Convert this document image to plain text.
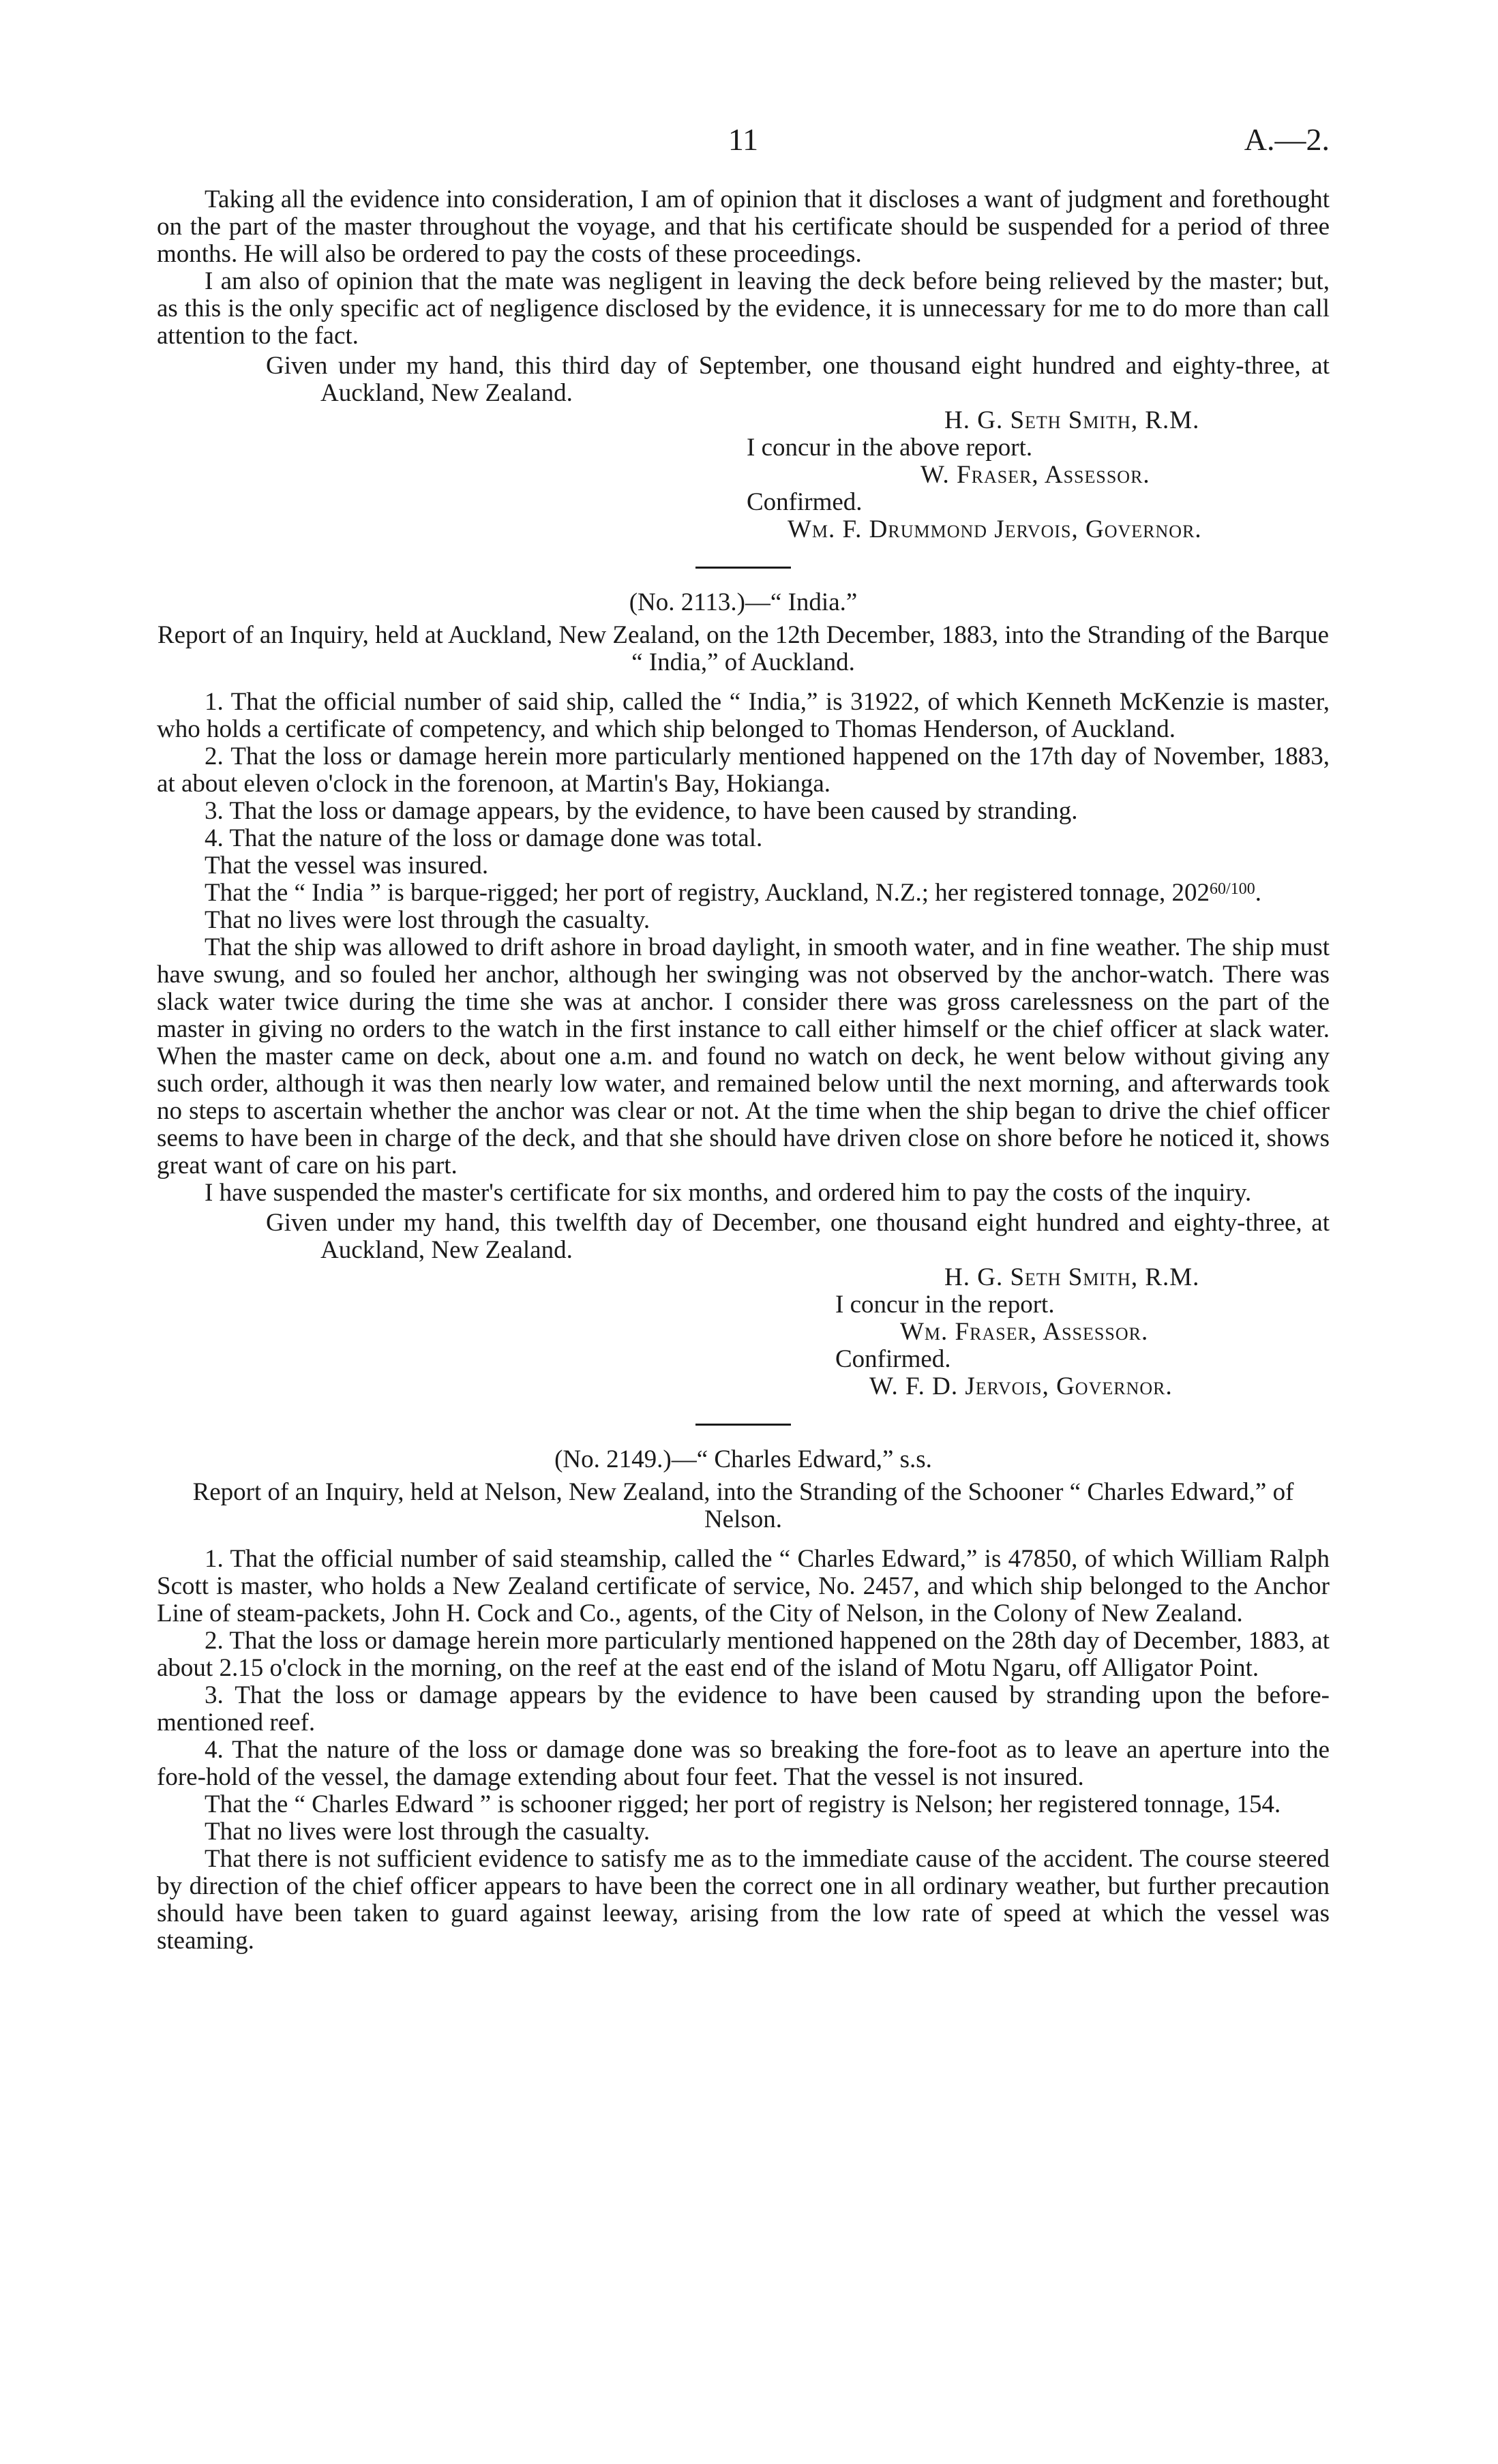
11	A.—2.

Taking all the evidence into consideration, I am of opinion that it discloses a want of judgment and forethought on the part of the master throughout the voyage, and that his certificate should be suspended for a period of three months. He will also be ordered to pay the costs of these proceedings.

I am also of opinion that the mate was negligent in leaving the deck before being relieved by the master; but, as this is the only specific act of negligence disclosed by the evidence, it is unnecessary for me to do more than call attention to the fact.

Given under my hand, this third day of September, one thousand eight hundred and eighty-three, at Auckland, New Zealand.

H. G. Seth Smith, R.M.

I concur in the above report.

W. Fraser, Assessor.

Confirmed.

Wm. F. Drummond Jervois, Governor.

(No. 2113.)—“ India.”

Report of an Inquiry, held at Auckland, New Zealand, on the 12th December, 1883, into the Stranding of the Barque “ India,” of Auckland.

1. That the official number of said ship, called the “ India,” is 31922, of which Kenneth McKenzie is master, who holds a certificate of competency, and which ship belonged to Thomas Henderson, of Auckland.

2. That the loss or damage herein more particularly mentioned happened on the 17th day of November, 1883, at about eleven o'clock in the forenoon, at Martin's Bay, Hokianga.

3. That the loss or damage appears, by the evidence, to have been caused by stranding.

4. That the nature of the loss or damage done was total.

That the vessel was insured.

That the “ India ” is barque-rigged; her port of registry, Auckland, N.Z.; her registered tonnage, $202^{60/100}$.

That no lives were lost through the casualty.

That the ship was allowed to drift ashore in broad daylight, in smooth water, and in fine weather. The ship must have swung, and so fouled her anchor, although her swinging was not observed by the anchor-watch. There was slack water twice during the time she was at anchor. I consider there was gross carelessness on the part of the master in giving no orders to the watch in the first instance to call either himself or the chief officer at slack water. When the master came on deck, about one a.m. and found no watch on deck, he went below without giving any such order, although it was then nearly low water, and remained below until the next morning, and afterwards took no steps to ascertain whether the anchor was clear or not. At the time when the ship began to drive the chief officer seems to have been in charge of the deck, and that she should have driven close on shore before he noticed it, shows great want of care on his part.

I have suspended the master's certificate for six months, and ordered him to pay the costs of the inquiry.

Given under my hand, this twelfth day of December, one thousand eight hundred and eighty-three, at Auckland, New Zealand.

H. G. Seth Smith, R.M.

I concur in the report.

Wm. Fraser, Assessor.

Confirmed.

W. F. D. Jervois, Governor.

(No. 2149.)—“ Charles Edward,” s.s.

Report of an Inquiry, held at Nelson, New Zealand, into the Stranding of the Schooner “ Charles Edward,” of Nelson.

1. That the official number of said steamship, called the “ Charles Edward,” is 47850, of which William Ralph Scott is master, who holds a New Zealand certificate of service, No. 2457, and which ship belonged to the Anchor Line of steam-packets, John H. Cock and Co., agents, of the City of Nelson, in the Colony of New Zealand.

2. That the loss or damage herein more particularly mentioned happened on the 28th day of December, 1883, at about 2.15 o'clock in the morning, on the reef at the east end of the island of Motu Ngaru, off Alligator Point.

3. That the loss or damage appears by the evidence to have been caused by stranding upon the before-mentioned reef.

4. That the nature of the loss or damage done was so breaking the fore-foot as to leave an aperture into the fore-hold of the vessel, the damage extending about four feet. That the vessel is not insured.

That the “ Charles Edward ” is schooner rigged; her port of registry is Nelson; her registered tonnage, 154.

That no lives were lost through the casualty.

That there is not sufficient evidence to satisfy me as to the immediate cause of the accident. The course steered by direction of the chief officer appears to have been the correct one in all ordinary weather, but further precaution should have been taken to guard against leeway, arising from the low rate of speed at which the vessel was steaming.
